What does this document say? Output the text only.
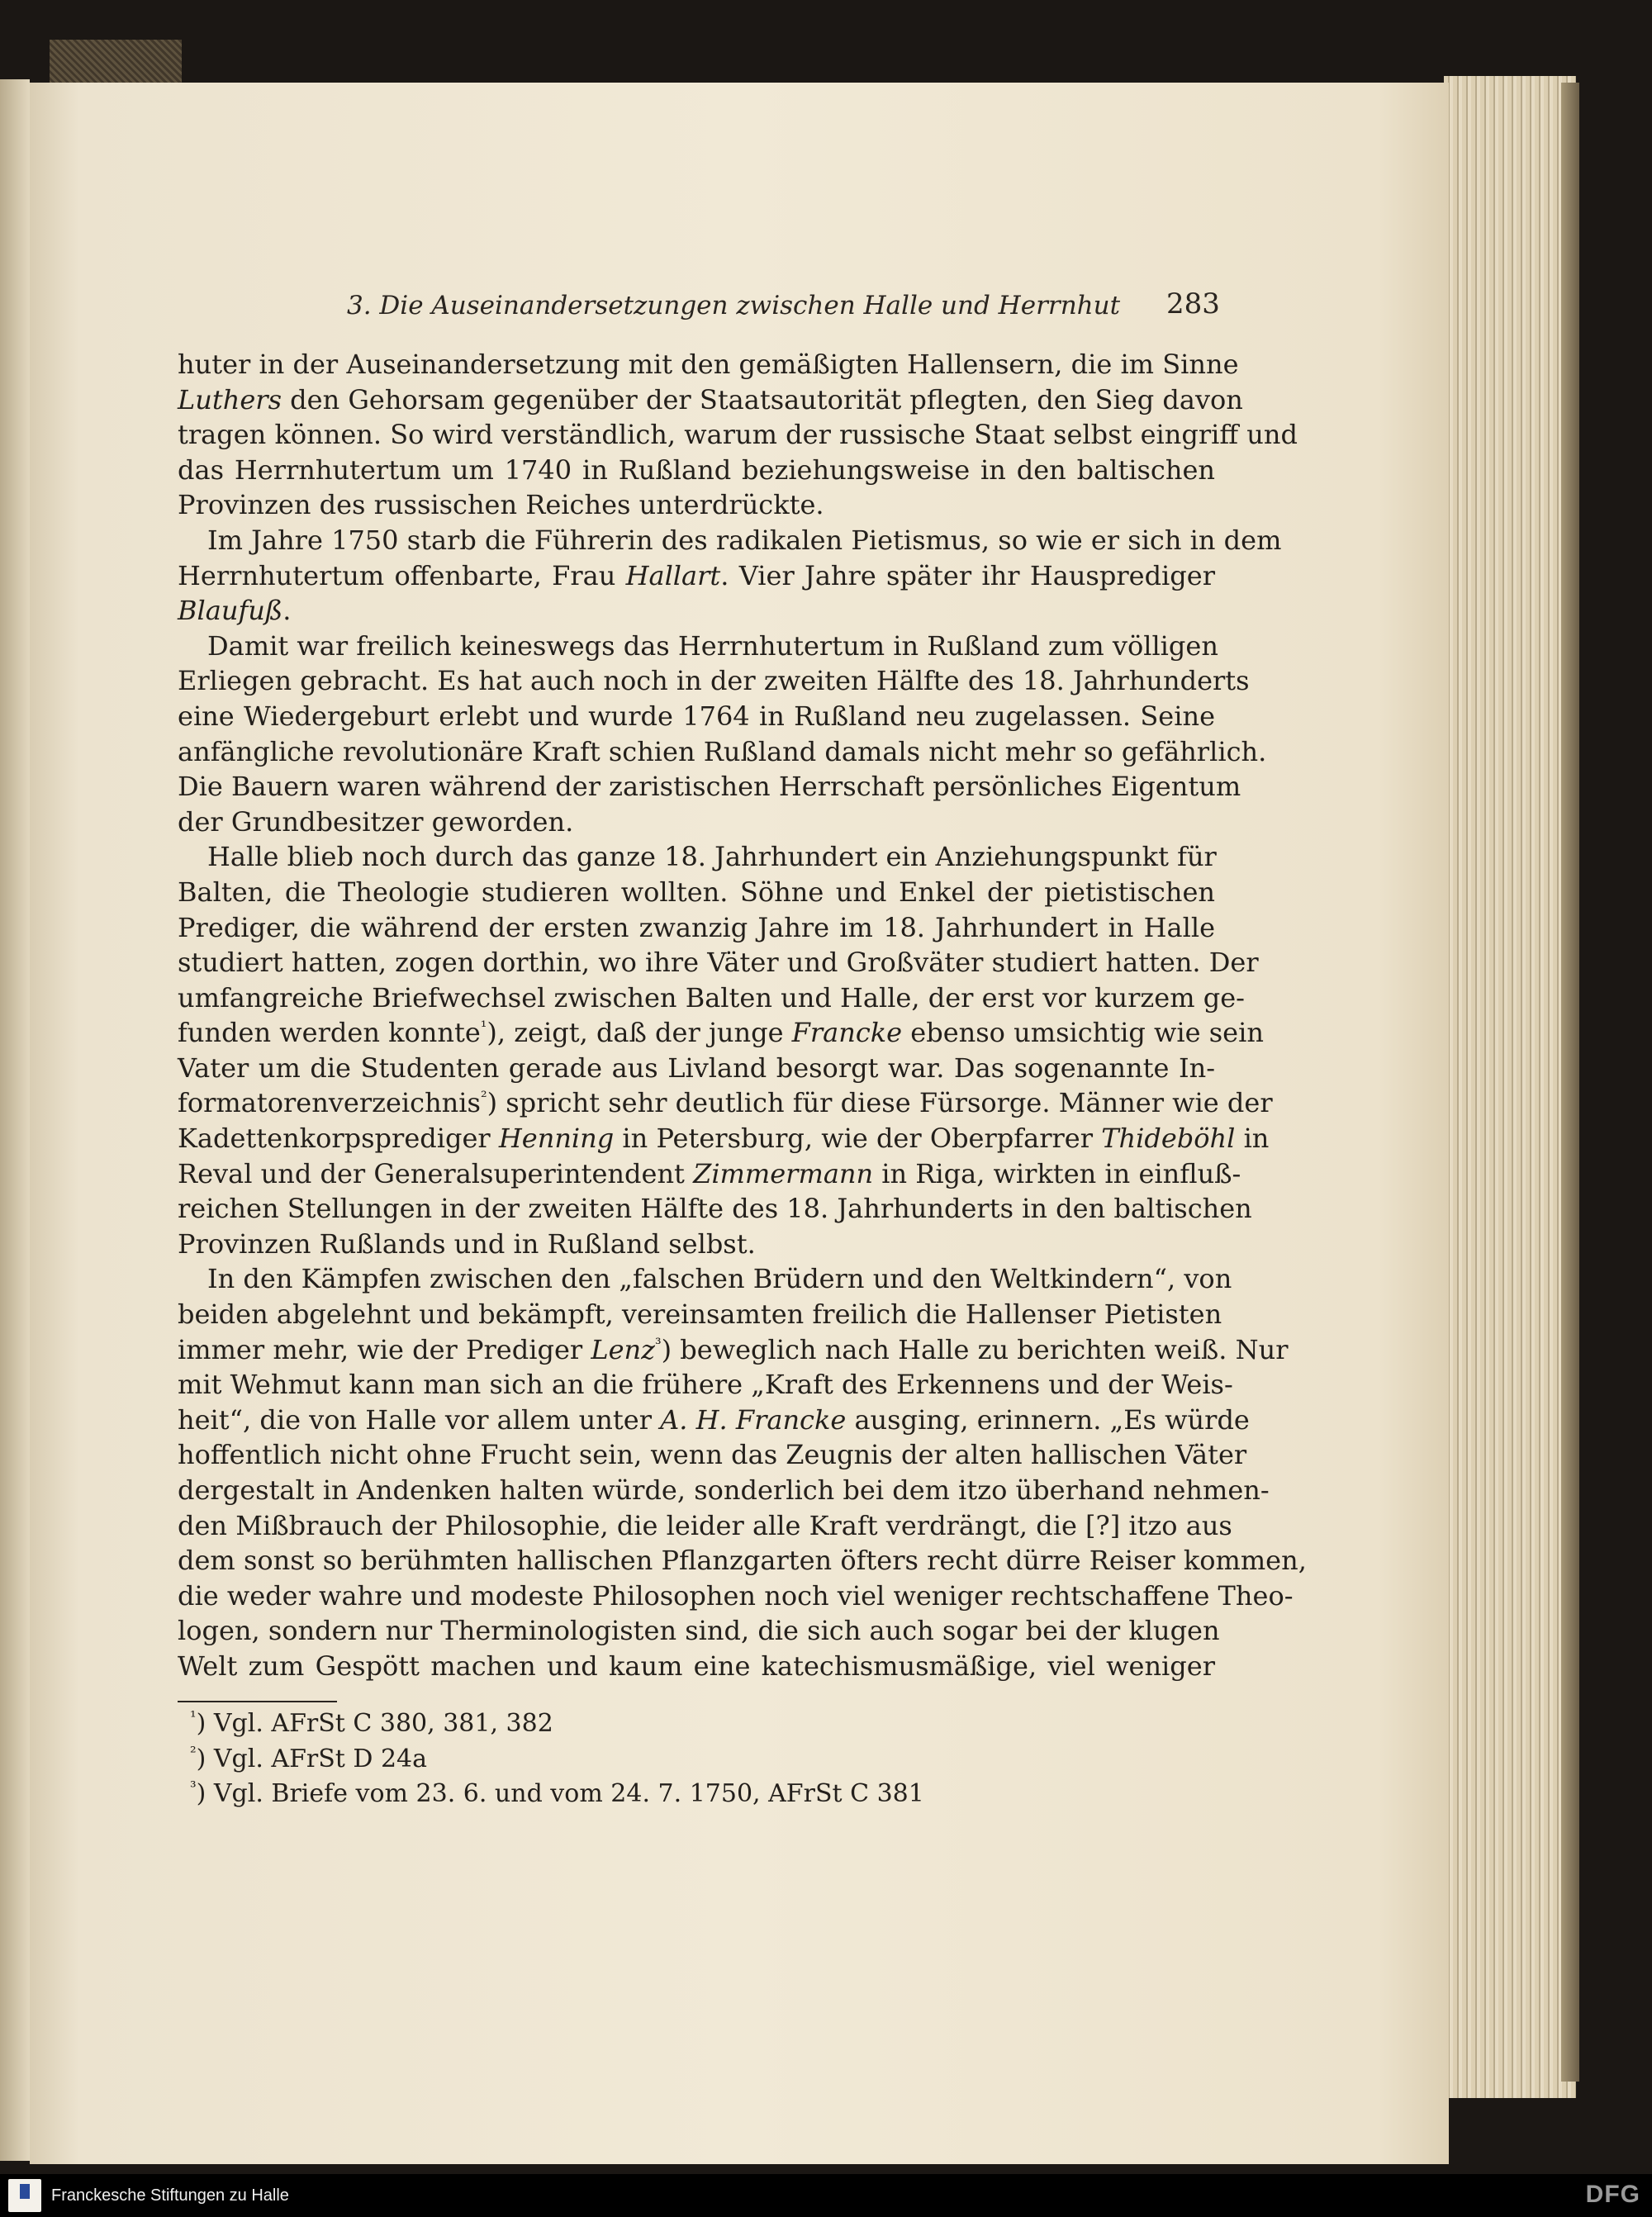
3. Die Auseinandersetzungen zwischen Halle und Herrnhut 283
huter in der Auseinandersetzung mit den gemäßigten Hallensern, die im Sinne
Luthers den Gehorsam gegenüber der Staatsautorität pflegten, den Sieg davon
tragen können. So wird verständlich, warum der russische Staat selbst eingriff und
das Herrnhutertum um 1740 in Rußland beziehungsweise in den baltischen
Provinzen des russischen Reiches unterdrückte.
Im Jahre 1750 starb die Führerin des radikalen Pietismus, so wie er sich in dem
Herrnhutertum offenbarte, Frau Hallart. Vier Jahre später ihr Hausprediger
Blaufuß.
Damit war freilich keineswegs das Herrnhutertum in Rußland zum völligen
Erliegen gebracht. Es hat auch noch in der zweiten Hälfte des 18. Jahrhunderts
eine Wiedergeburt erlebt und wurde 1764 in Rußland neu zugelassen. Seine
anfängliche revolutionäre Kraft schien Rußland damals nicht mehr so gefährlich.
Die Bauern waren während der zaristischen Herrschaft persönliches Eigentum
der Grundbesitzer geworden.
Halle blieb noch durch das ganze 18. Jahrhundert ein Anziehungspunkt für
Balten, die Theologie studieren wollten. Söhne und Enkel der pietistischen
Prediger, die während der ersten zwanzig Jahre im 18. Jahrhundert in Halle
studiert hatten, zogen dorthin, wo ihre Väter und Großväter studiert hatten. Der
umfangreiche Briefwechsel zwischen Balten und Halle, der erst vor kurzem ge-
funden werden konnte$^{^1}$), zeigt, daß der junge Francke ebenso umsichtig wie sein
Vater um die Studenten gerade aus Livland besorgt war. Das sogenannte In-
formatorenverzeichnis$^{^2}$) spricht sehr deutlich für diese Fürsorge. Männer wie der
Kadettenkorpsprediger Henning in Petersburg, wie der Oberpfarrer Thideböhl
Reval und der Generalsuperintendent Zimmermann in Riga, wirkten in einfluß-
reichen Stellungen in der zweiten Hälfte des 18. Jahrhunderts in den baltischen
Provinzen Rußlands und in Rußland selbst.
In den Kämpfen zwischen den „falschen Brüdern und den Weltkindern“, von
beiden abgelehnt und bekämpft, vereinsamten freilich die Hallenser Pietisten
immer mehr, wie der Prediger Lenz$^{^3}$) beweglich nach Halle zu berichten weiß. Nur
mit Wehmut kann man sich an die frühere „Kraft des Erkennens und der Weis-
heit“, die von Halle vor allem unter A. H. Francke ausging, erinnern. „Es würde
hoffentlich nicht ohne Frucht sein, wenn das Zeugnis der alten hallischen Väter
dergestalt in Andenken halten würde, sonderlich bei dem itzo überhand nehmen-
den Mißbrauch der Philosophie, die leider alle Kraft verdrängt, die [?] itzo aus
dem sonst so berühmten hallischen Pflanzgarten öfters recht dürre Reiser kommen,
die weder wahre und modeste Philosophen noch viel weniger rechtschaffene Theo-
logen, sondern nur Therminologisten sind, die sich auch sogar bei der klugen
Welt zum Gespött machen und kaum eine katechismusmäßige, viel weniger
$^{^1}$) Vgl. AFrSt C 380, 381, 382
$^{^2}$) Vgl. AFrSt D 24a
$^{^3}$) Vgl. Briefe vom 23. 6. und vom 24. 7. 1750, AFrSt C 381
Franckesche Stiftungen zu Halle	DFG
